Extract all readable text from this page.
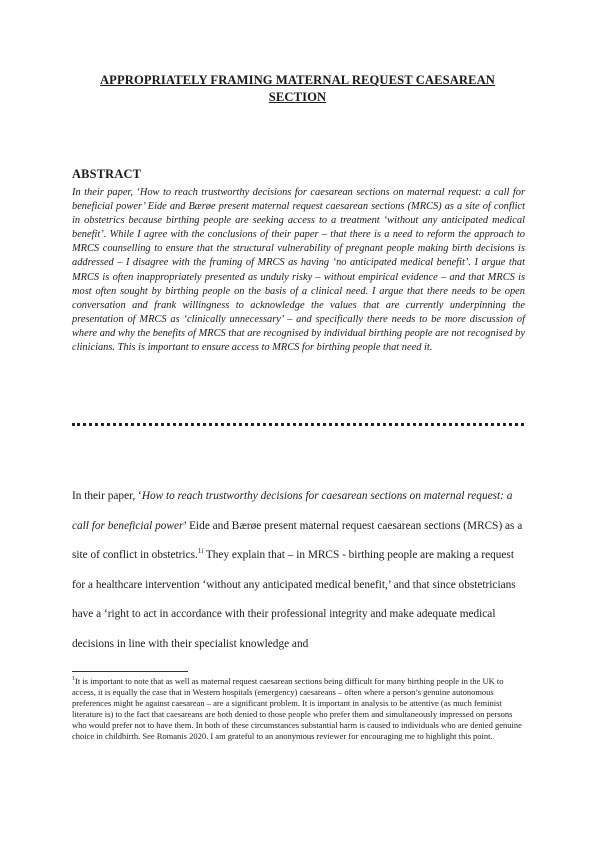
APPROPRIATELY FRAMING MATERNAL REQUEST CAESAREAN SECTION
ABSTRACT

In their paper, ‘How to reach trustworthy decisions for caesarean sections on maternal request: a call for beneficial power’ Eide and Bærøe present maternal request caesarean sections (MRCS) as a site of conflict in obstetrics because birthing people are seeking access to a treatment ‘without any anticipated medical benefit’. While I agree with the conclusions of their paper – that there is a need to reform the approach to MRCS counselling to ensure that the structural vulnerability of pregnant people making birth decisions is addressed – I disagree with the framing of MRCS as having ‘no anticipated medical benefit’. I argue that MRCS is often inappropriately presented as unduly risky – without empirical evidence – and that MRCS is most often sought by birthing people on the basis of a clinical need. I argue that there needs to be open conversation and frank willingness to acknowledge the values that are currently underpinning the presentation of MRCS as ‘clinically unnecessary’ – and specifically there needs to be more discussion of where and why the benefits of MRCS that are recognised by individual birthing people are not recognised by clinicians. This is important to ensure access to MRCS for birthing people that need it.

In their paper, ‘How to reach trustworthy decisions for caesarean sections on maternal request: a call for beneficial power’ Eide and Bærøe present maternal request caesarean sections (MRCS) as a site of conflict in obstetrics.$^{1i}$ They explain that – in MRCS - birthing people are making a request for a healthcare intervention ‘without any anticipated medical benefit,’ and that since obstetricians have a ‘right to act in accordance with their professional integrity and make adequate medical decisions in line with their specialist knowledge and

$^1$It is important to note that as well as maternal request caesarean sections being difficult for many birthing people in the UK to access, it is equally the case that in Western hospitals (emergency) caesareans – often where a person’s genuine autonomous preferences might be against caesarean – are a significant problem. It is important in analysis to be attentive (as much feminist literature is) to the fact that caesareans are both denied to those people who prefer them and simultaneously impressed on persons who would prefer not to have them. In both of these circumstances substantial harm is caused to individuals who are denied genuine choice in childbirth. See Romanis 2020. I am grateful to an anonymous reviewer for encouraging me to highlight this point.
